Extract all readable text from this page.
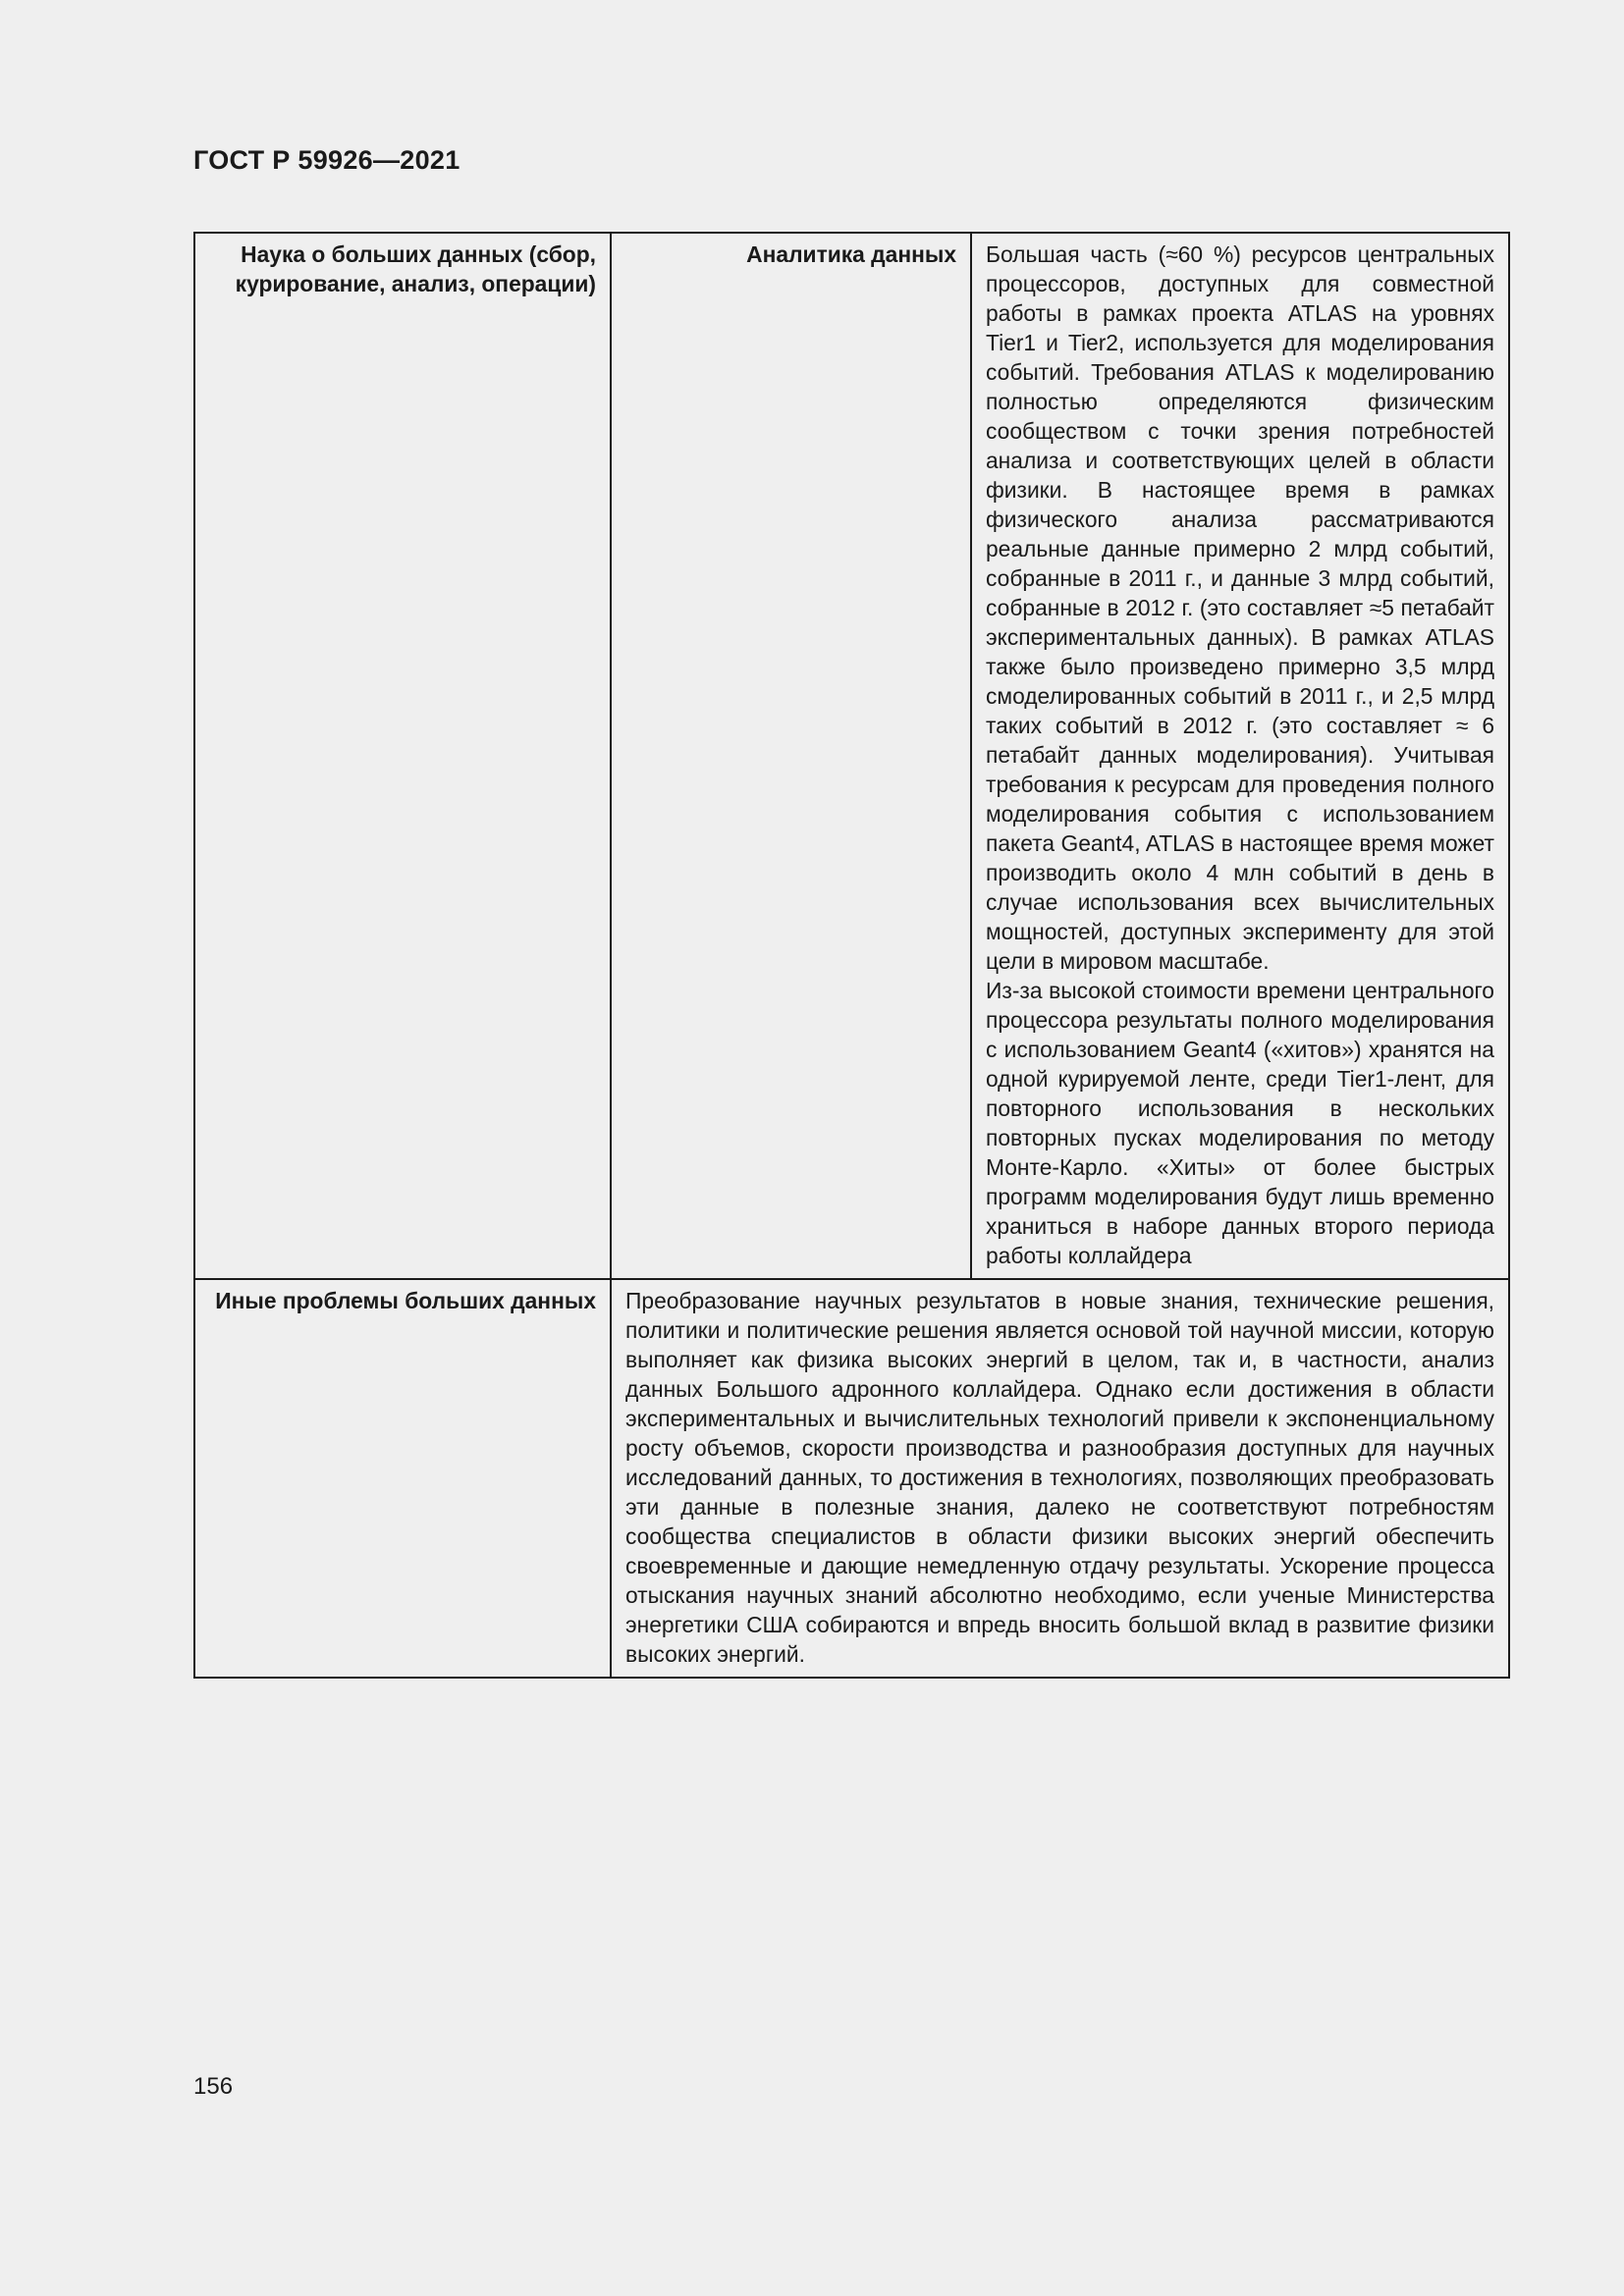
ГОСТ Р 59926—2021
Наука о больших данных (сбор, курирование, анализ, операции)	Аналитика данных	Большая часть (≈60 %) ресурсов центральных процессоров, доступных для совместной работы в рамках проекта ATLAS на уровнях Tier1 и Tier2, используется для моделирования событий. Требования ATLAS к моделированию полностью определяются физическим сообществом с точки зрения потребностей анализа и соответствующих целей в области физики. В настоящее время в рамках физического анализа рассматриваются реальные данные примерно 2 млрд событий, собранные в 2011 г., и данные 3 млрд событий, собранные в 2012 г. (это составляет ≈5 петабайт экспериментальных данных). В рамках ATLAS также было произведено примерно 3,5 млрд смоделированных событий в 2011 г., и 2,5 млрд таких событий в 2012 г. (это составляет ≈ 6 петабайт данных моделирования). Учитывая требования к ресурсам для проведения полного моделирования события с использованием пакета Geant4, ATLAS в настоящее время может производить около 4 млн событий в день в случае использования всех вычислительных мощностей, доступных эксперименту для этой цели в мировом масштабе.

Из-за высокой стоимости времени центрального процессора результаты полного моделирования с использованием Geant4 («хитов») хранятся на одной курируемой ленте, среди Tier1-лент, для повторного использования в нескольких повторных пусках моделирования по методу Монте-Карло. «Хиты» от более быстрых программ моделирования будут лишь временно храниться в наборе данных второго периода работы коллайдера

Иные проблемы больших данных	Преобразование научных результатов в новые знания, технические решения, политики и политические решения является основой той научной миссии, которую выполняет как физика высоких энергий в целом, так и, в частности, анализ данных Большого адронного коллайдера. Однако если достижения в области экспериментальных и вычислительных технологий привели к экспоненциальному росту объемов, скорости производства и разнообразия доступных для научных исследований данных, то достижения в технологиях, позволяющих преобразовать эти данные в полезные знания, далеко не соответствуют потребностям сообщества специалистов в области физики высоких энергий обеспечить своевременные и дающие немедленную отдачу результаты. Ускорение процесса отыскания научных знаний абсолютно необходимо, если ученые Министерства энергетики США собираются и впредь вносить большой вклад в развитие физики высоких энергий.	

156
